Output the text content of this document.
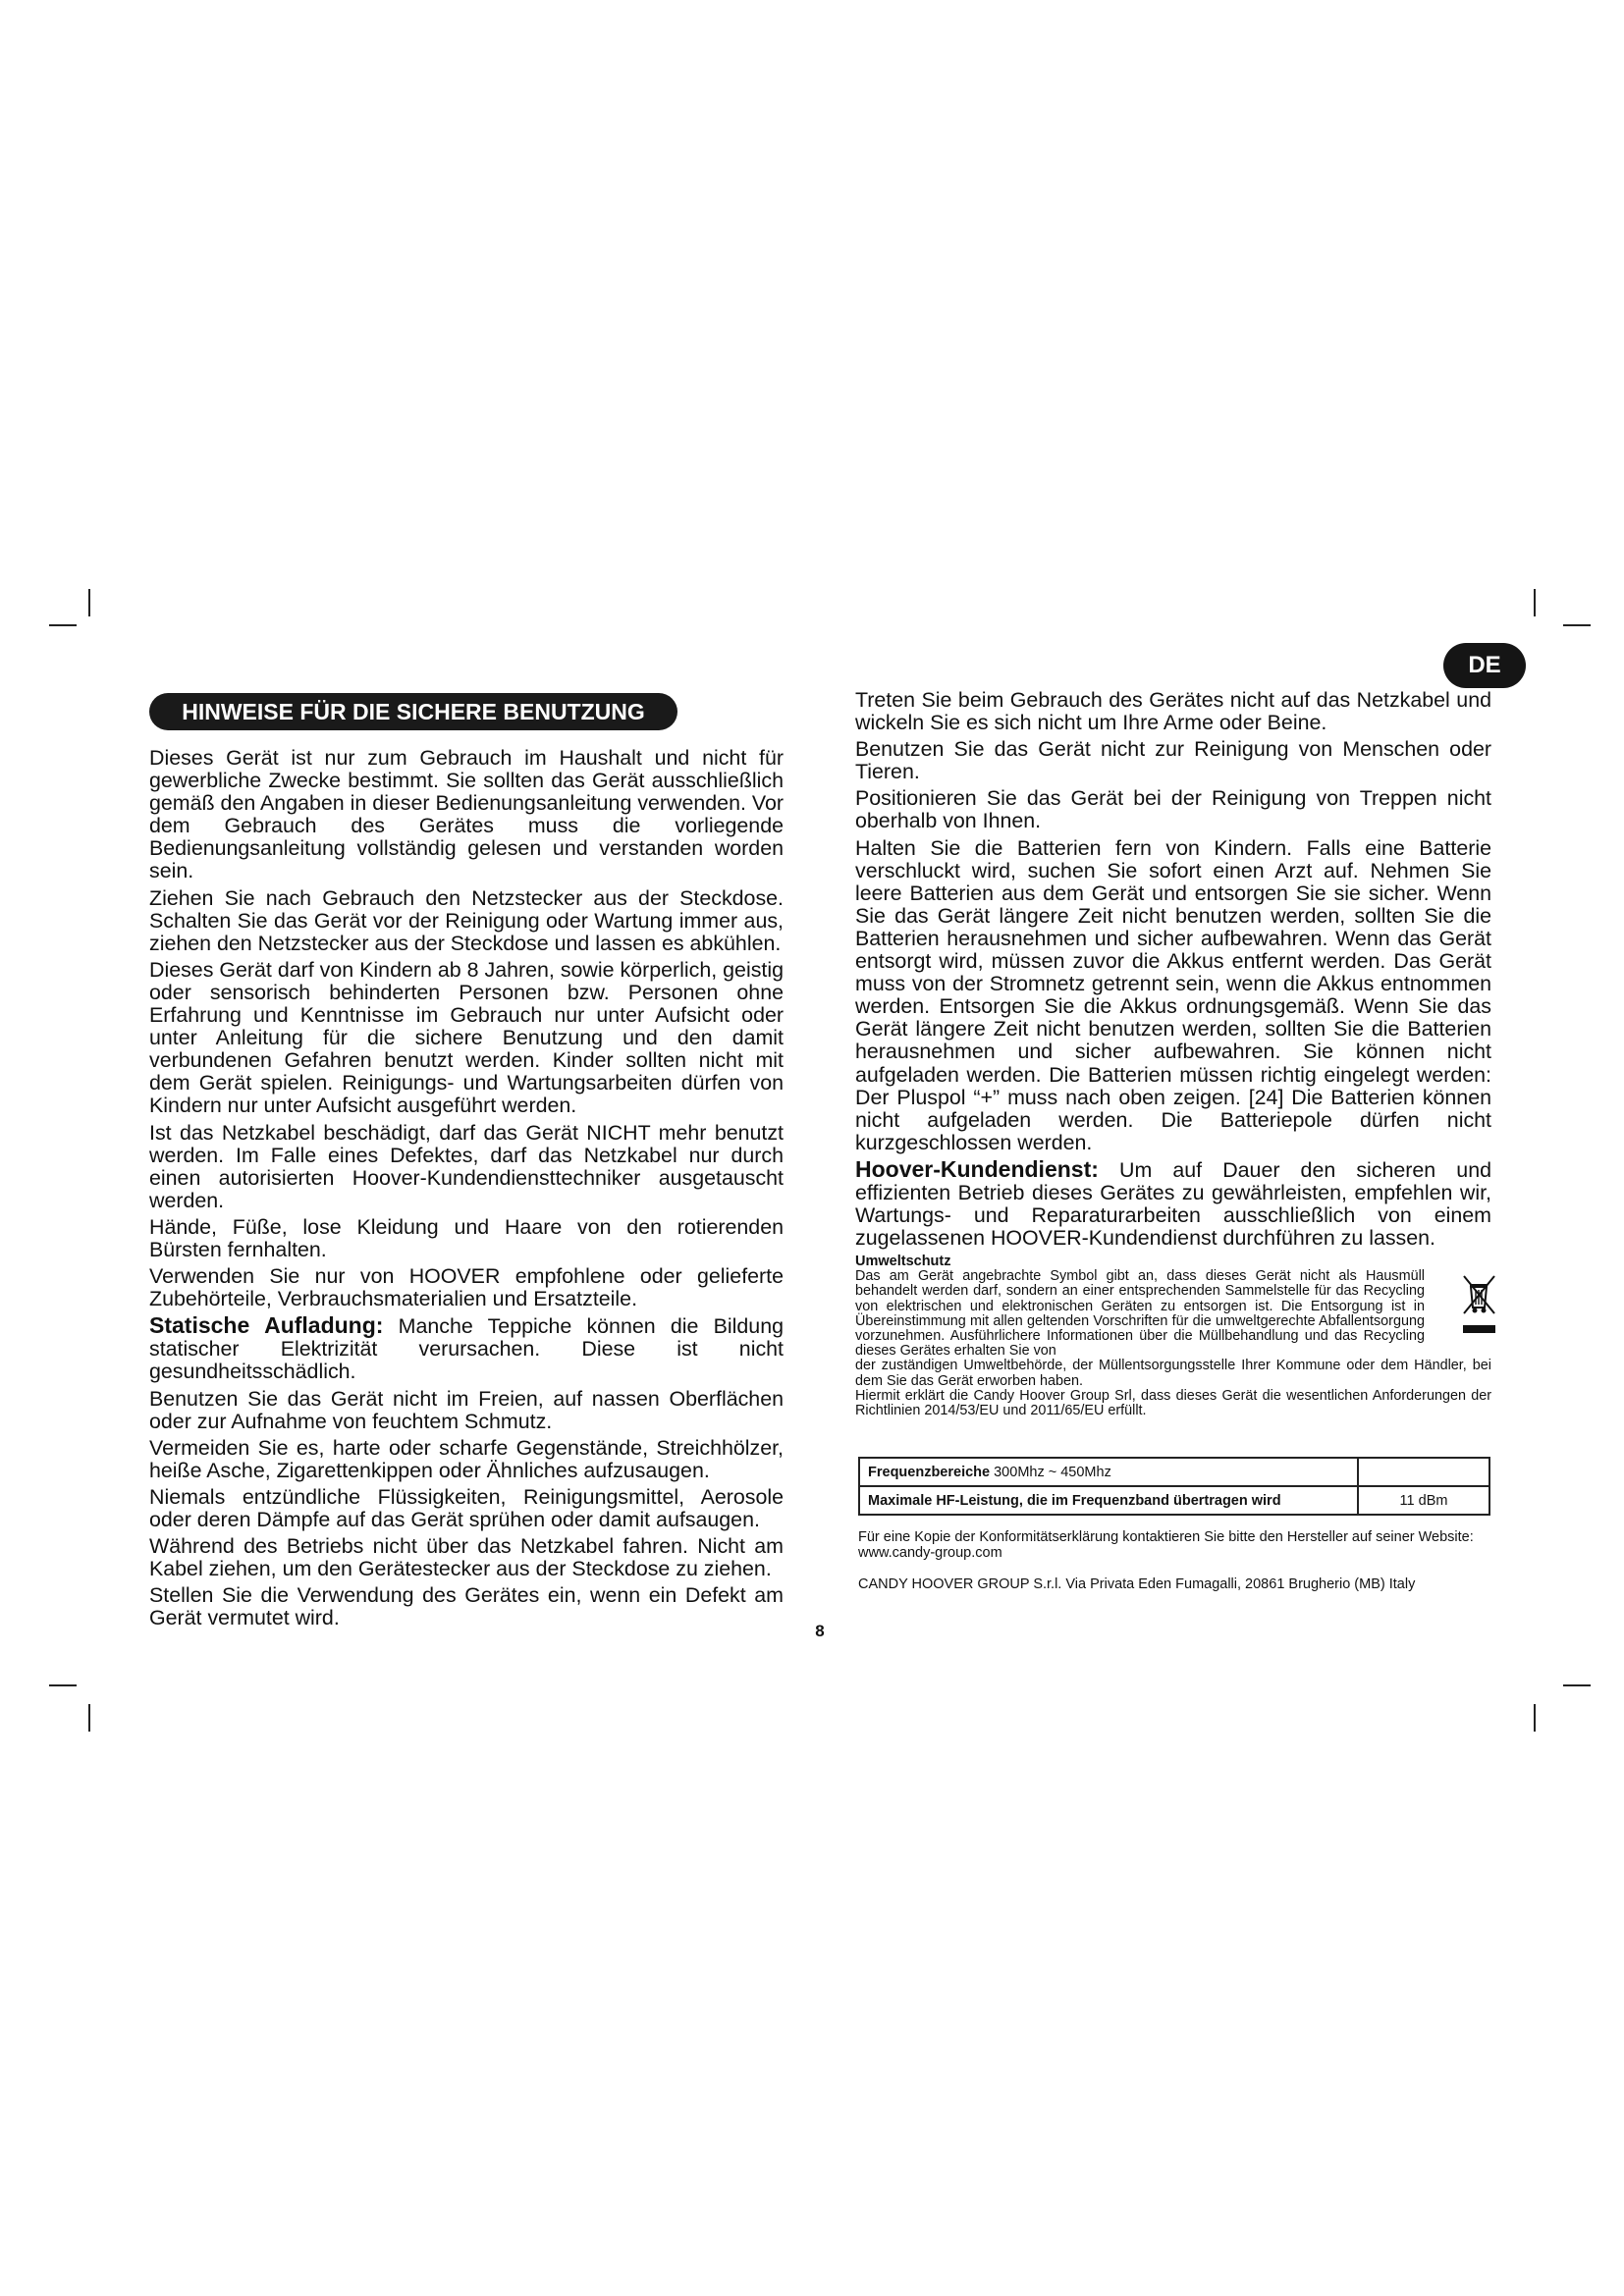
DE
HINWEISE FÜR DIE SICHERE BENUTZUNG

Dieses Gerät ist nur zum Gebrauch im Haushalt und nicht für gewerbliche Zwecke bestimmt. Sie sollten das Gerät ausschließlich gemäß den Angaben in dieser Bedienungsanleitung verwenden. Vor dem Gebrauch des Gerätes muss die vorliegende Bedienungsanleitung vollständig gelesen und verstanden worden sein.

Ziehen Sie nach Gebrauch den Netzstecker aus der Steckdose. Schalten Sie das Gerät vor der Reinigung oder Wartung immer aus, ziehen den Netzstecker aus der Steckdose und lassen es abkühlen.

Dieses Gerät darf von Kindern ab 8 Jahren, sowie körperlich, geistig oder sensorisch behinderten Personen bzw. Personen ohne Erfahrung und Kenntnisse im Gebrauch nur unter Aufsicht oder unter Anleitung für die sichere Benutzung und den damit verbundenen Gefahren benutzt werden. Kinder sollten nicht mit dem Gerät spielen. Reinigungs- und Wartungsarbeiten dürfen von Kindern nur unter Aufsicht ausgeführt werden.

Ist das Netzkabel beschädigt, darf das Gerät NICHT mehr benutzt werden. Im Falle eines Defektes, darf das Netzkabel nur durch einen autorisierten Hoover-Kundendiensttechniker ausgetauscht werden.

Hände, Füße, lose Kleidung und Haare von den rotierenden Bürsten fernhalten.

Verwenden Sie nur von HOOVER empfohlene oder gelieferte Zubehörteile, Verbrauchsmaterialien und Ersatzteile.

Statische Aufladung: Manche Teppiche können die Bildung statischer Elektrizität verursachen. Diese ist nicht gesundheitsschädlich.

Benutzen Sie das Gerät nicht im Freien, auf nassen Oberflächen oder zur Aufnahme von feuchtem Schmutz.

Vermeiden Sie es, harte oder scharfe Gegenstände, Streichhölzer, heiße Asche, Zigarettenkippen oder Ähnliches aufzusaugen.

Niemals entzündliche Flüssigkeiten, Reinigungsmittel, Aerosole oder deren Dämpfe auf das Gerät sprühen oder damit aufsaugen.

Während des Betriebs nicht über das Netzkabel fahren. Nicht am Kabel ziehen, um den Gerätestecker aus der Steckdose zu ziehen.

Stellen Sie die Verwendung des Gerätes ein, wenn ein Defekt am Gerät vermutet wird.

Treten Sie beim Gebrauch des Gerätes nicht auf das Netzkabel und wickeln Sie es sich nicht um Ihre Arme oder Beine.

Benutzen Sie das Gerät nicht zur Reinigung von Menschen oder Tieren.

Positionieren Sie das Gerät bei der Reinigung von Treppen nicht oberhalb von Ihnen.

Halten Sie die Batterien fern von Kindern. Falls eine Batterie verschluckt wird, suchen Sie sofort einen Arzt auf. Nehmen Sie leere Batterien aus dem Gerät und entsorgen Sie sie sicher. Wenn Sie das Gerät längere Zeit nicht benutzen werden, sollten Sie die Batterien herausnehmen und sicher aufbewahren. Wenn das Gerät entsorgt wird, müssen zuvor die Akkus entfernt werden. Das Gerät muss von der Stromnetz getrennt sein, wenn die Akkus entnommen werden. Entsorgen Sie die Akkus ordnungsgemäß. Wenn Sie das Gerät längere Zeit nicht benutzen werden, sollten Sie die Batterien herausnehmen und sicher aufbewahren. Sie können nicht aufgeladen werden. Die Batterien müssen richtig eingelegt werden: Der Pluspol “+” muss nach oben zeigen. [24] Die Batterien können nicht aufgeladen werden. Die Batteriepole dürfen nicht kurzgeschlossen werden.

Hoover-Kundendienst: Um auf Dauer den sicheren und effizienten Betrieb dieses Gerätes zu gewährleisten, empfehlen wir, Wartungs- und Reparaturarbeiten ausschließlich von einem zugelassenen HOOVER-Kundendienst durchführen zu lassen.

Umweltschutz

Das am Gerät angebrachte Symbol gibt an, dass dieses Gerät nicht als Hausmüll behandelt werden darf, sondern an einer entsprechenden Sammelstelle für das Recycling von elektrischen und elektronischen Geräten zu entsorgen ist. Die Entsorgung ist in Übereinstimmung mit allen geltenden Vorschriften für die umweltgerechte Abfallentsorgung vorzunehmen. Ausführlichere Informationen über die Müllbehandlung und das Recycling dieses Gerätes erhalten Sie von

der zuständigen Umweltbehörde, der Müllentsorgungsstelle Ihrer Kommune oder dem Händler, bei dem Sie das Gerät erworben haben.

Hiermit erklärt die Candy Hoover Group Srl, dass dieses Gerät die wesentlichen Anforderungen der Richtlinien 2014/53/EU und 2011/65/EU erfüllt.

Frequenzbereiche 300Mhz ~ 450Mhz	
Maximale HF-Leistung, die im Frequenzband übertragen wird	11 dBm
Für eine Kopie der Konformitätserklärung kontaktieren Sie bitte den Hersteller auf seiner Website: www.candy-group.com
CANDY HOOVER GROUP S.r.l. Via Privata Eden Fumagalli, 20861 Brugherio (MB) Italy
8
